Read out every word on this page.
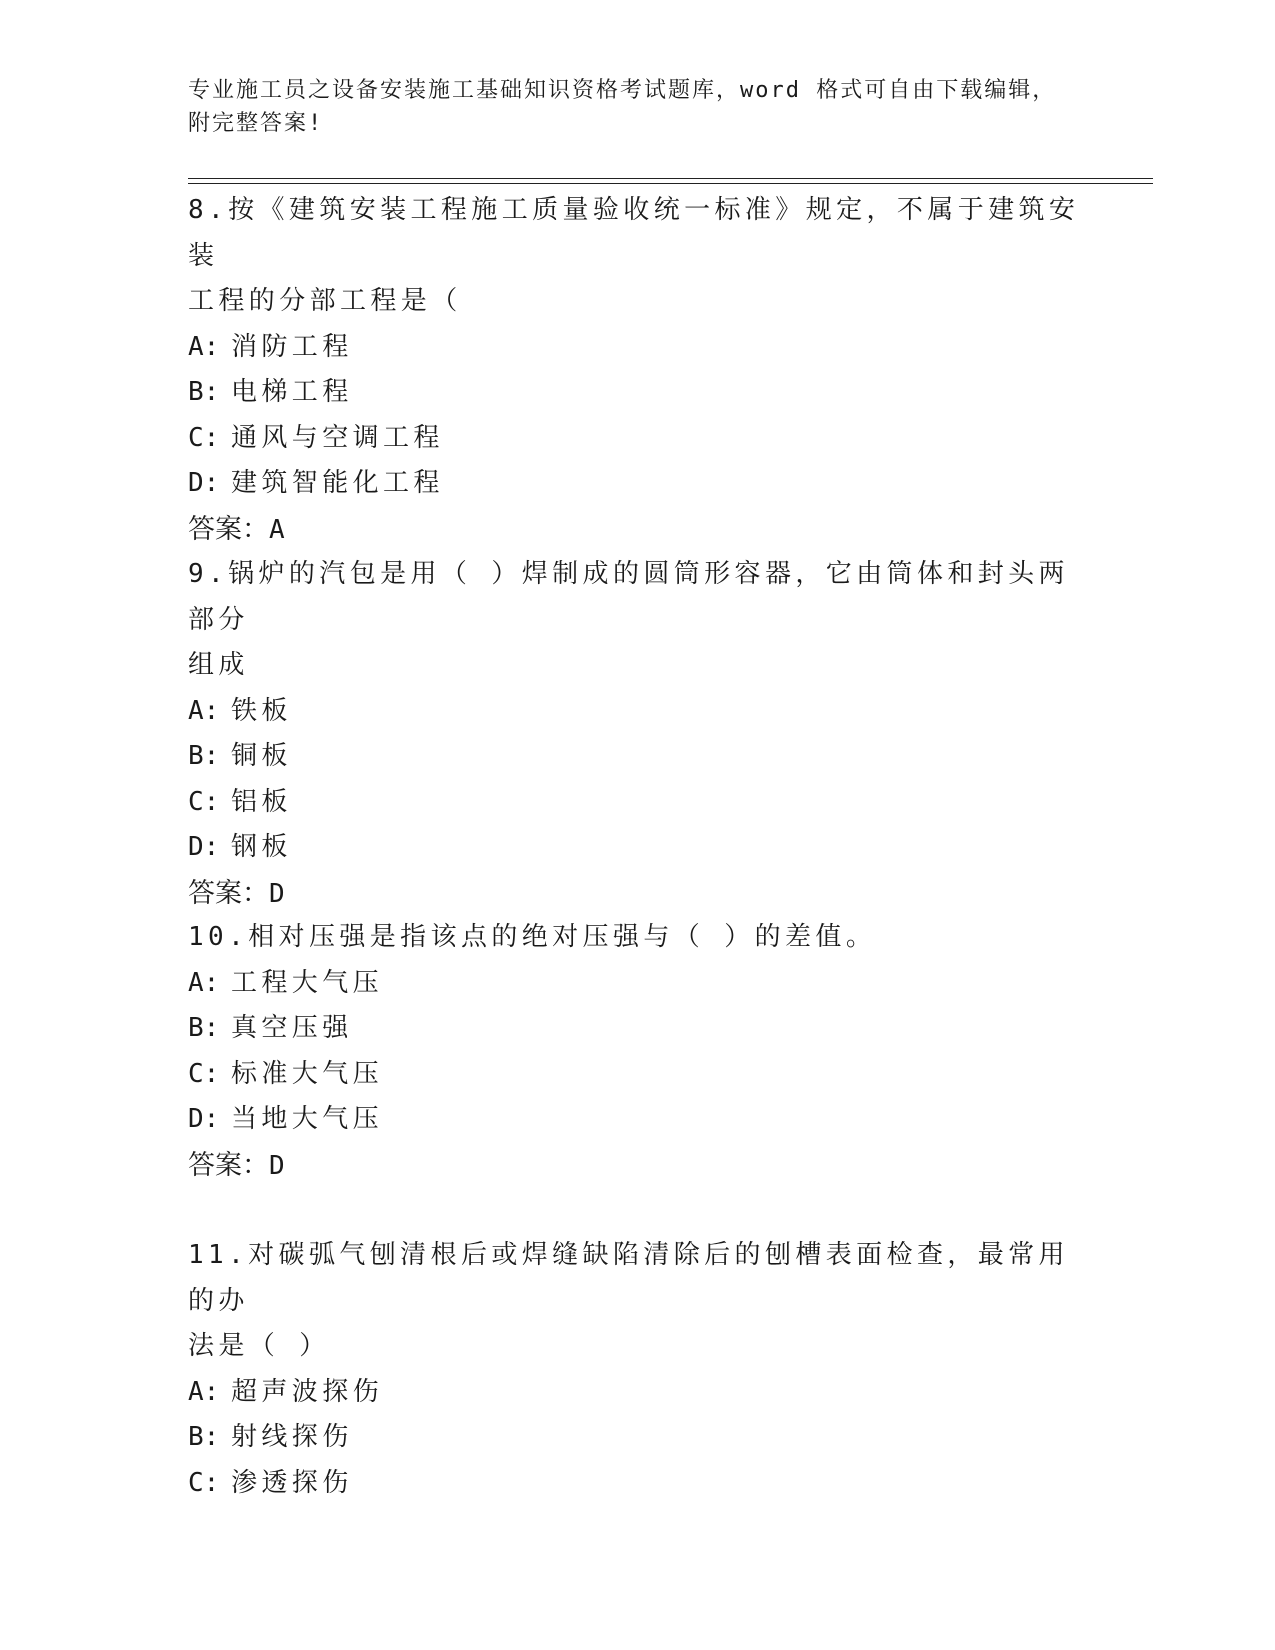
专业施工员之设备安装施工基础知识资格考试题库，word 格式可自由下载编辑，
附完整答案!
8.按《建筑安装工程施工质量验收统一标准》规定，不属于建筑安装
工程的分部工程是（
A: 消防工程
B: 电梯工程
C: 通风与空调工程
D: 建筑智能化工程
答案：A
9.锅炉的汽包是用（ ）焊制成的圆筒形容器，它由筒体和封头两部分
组成
A: 铁板
B: 铜板
C: 铝板
D: 钢板
答案：D
10.相对压强是指该点的绝对压强与（ ）的差值。
A: 工程大气压
B: 真空压强
C: 标准大气压
D: 当地大气压
答案：D
11.对碳弧气刨清根后或焊缝缺陷清除后的刨槽表面检查，最常用的办
法是（ ）
A: 超声波探伤
B: 射线探伤
C: 渗透探伤
